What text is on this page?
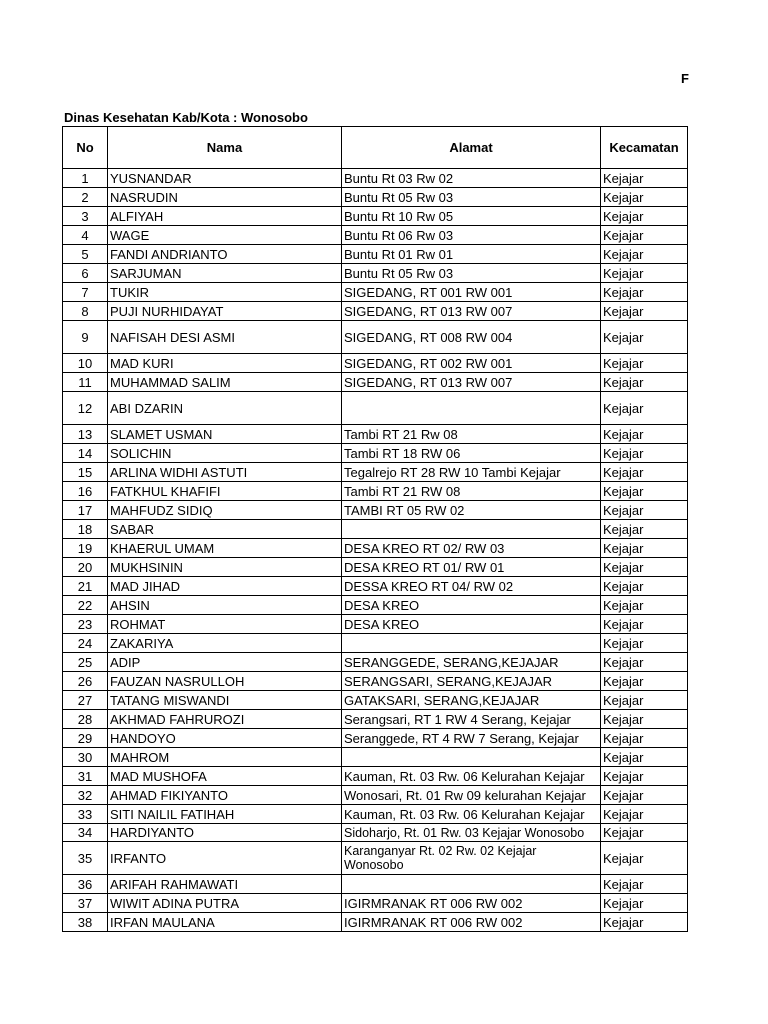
F
Dinas Kesehatan Kab/Kota : Wonosobo
No	Nama	Alamat	Kecamatan
1	YUSNANDAR	Buntu Rt 03 Rw 02	Kejajar
2	NASRUDIN	Buntu Rt 05 Rw 03	Kejajar
3	ALFIYAH	Buntu Rt 10 Rw 05	Kejajar
4	WAGE	Buntu Rt 06 Rw 03	Kejajar
5	FANDI ANDRIANTO	Buntu Rt 01 Rw 01	Kejajar
6	SARJUMAN	Buntu Rt 05 Rw 03	Kejajar
7	TUKIR	SIGEDANG, RT 001 RW 001	Kejajar
8	PUJI NURHIDAYAT	SIGEDANG, RT 013 RW 007	Kejajar
9	NAFISAH DESI ASMI	SIGEDANG, RT 008 RW 004	Kejajar
10	MAD KURI	SIGEDANG, RT 002 RW 001	Kejajar
11	MUHAMMAD SALIM	SIGEDANG, RT 013 RW 007	Kejajar
12	ABI DZARIN		Kejajar
13	SLAMET USMAN	Tambi RT 21 Rw 08	Kejajar
14	SOLICHIN	Tambi RT 18 RW 06	Kejajar
15	ARLINA WIDHI ASTUTI	Tegalrejo RT 28 RW 10 Tambi Kejajar	Kejajar
16	FATKHUL KHAFIFI	Tambi RT 21 RW 08	Kejajar
17	MAHFUDZ SIDIQ	TAMBI RT 05 RW 02	Kejajar
18	SABAR		Kejajar
19	KHAERUL UMAM	DESA KREO RT 02/ RW 03	Kejajar
20	MUKHSININ	DESA KREO RT 01/ RW 01	Kejajar
21	MAD JIHAD	DESSA KREO RT 04/ RW 02	Kejajar
22	AHSIN	DESA KREO	Kejajar
23	ROHMAT	DESA KREO	Kejajar
24	ZAKARIYA		Kejajar
25	ADIP	SERANGGEDE, SERANG,KEJAJAR	Kejajar
26	FAUZAN NASRULLOH	SERANGSARI, SERANG,KEJAJAR	Kejajar
27	TATANG MISWANDI	GATAKSARI, SERANG,KEJAJAR	Kejajar
28	AKHMAD FAHRUROZI	Serangsari, RT 1 RW 4 Serang, Kejajar	Kejajar
29	HANDOYO	Seranggede, RT 4 RW 7 Serang, Kejajar	Kejajar
30	MAHROM		Kejajar
31	MAD MUSHOFA	Kauman, Rt. 03 Rw. 06 Kelurahan Kejajar	Kejajar
32	AHMAD FIKIYANTO	Wonosari, Rt. 01 Rw 09 kelurahan Kejajar	Kejajar
33	SITI NAILIL FATIHAH	Kauman, Rt. 03 Rw. 06 Kelurahan Kejajar	Kejajar
34	HARDIYANTO	Sidoharjo, Rt. 01 Rw. 03 Kejajar Wonosobo	Kejajar
35	IRFANTO	Karanganyar Rt. 02 Rw. 02 Kejajar Wonosobo	Kejajar
36	ARIFAH RAHMAWATI		Kejajar
37	WIWIT ADINA PUTRA	IGIRMRANAK RT 006 RW 002	Kejajar
38	IRFAN MAULANA	IGIRMRANAK RT 006 RW 002	Kejajar
